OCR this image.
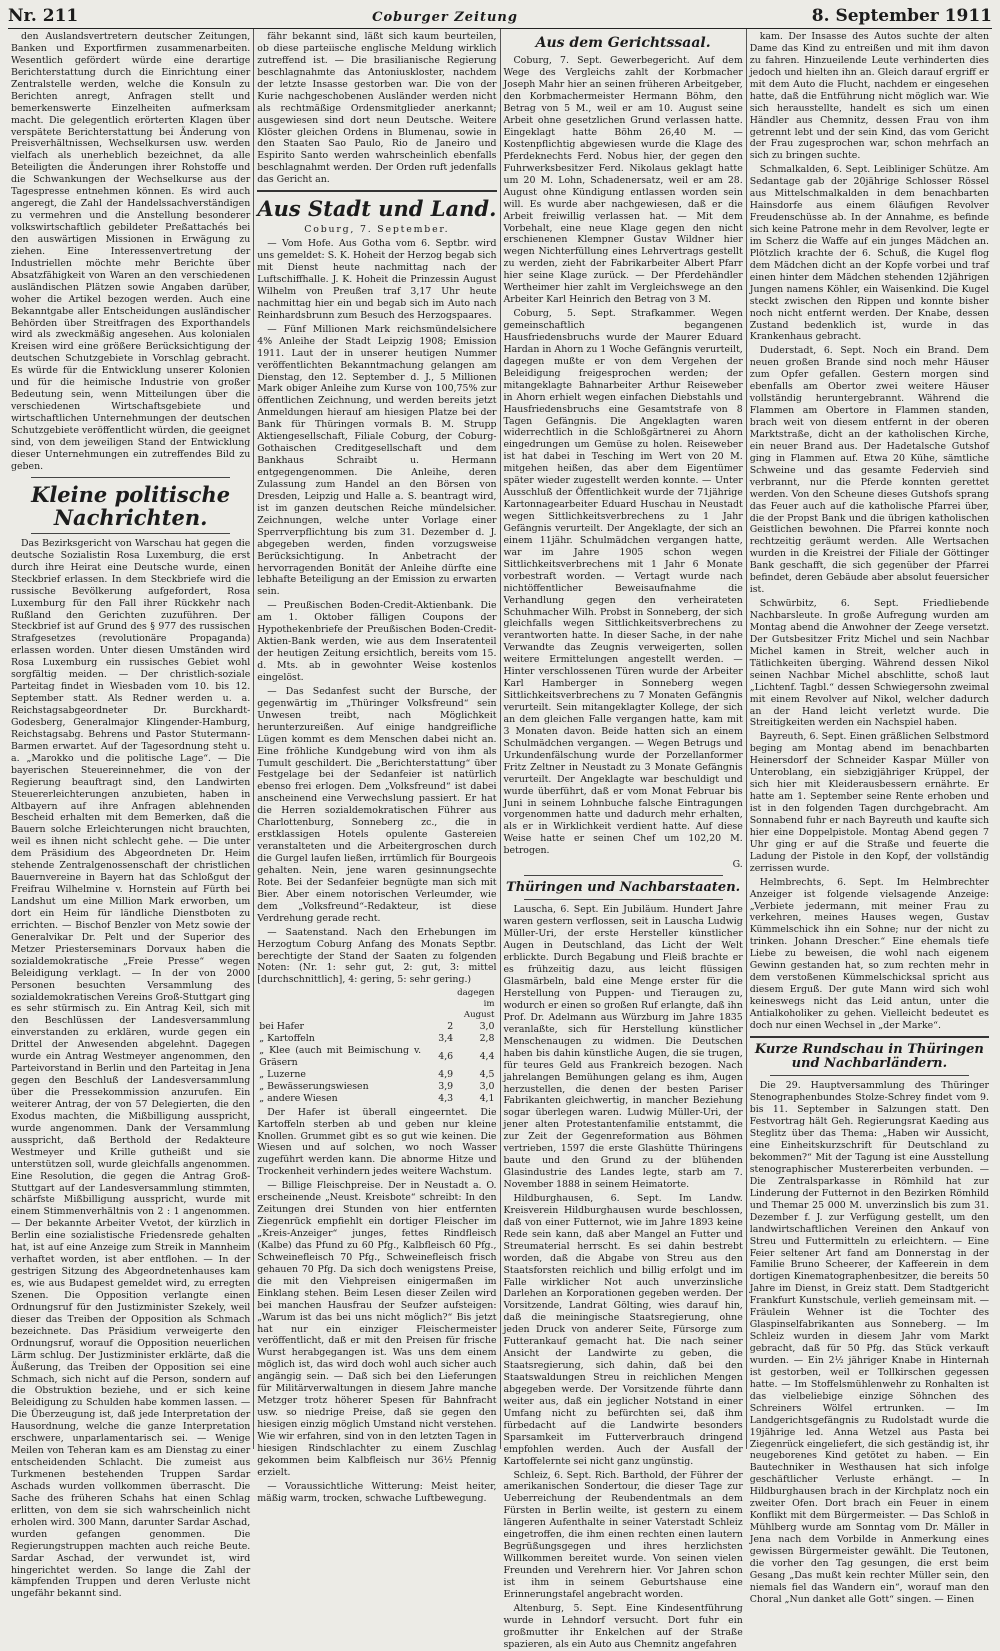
Nr. 211	Coburger Zeitung	8. September 1911

den Auslandsvertretern deutscher Zeitungen, Banken und Exportfirmen zusammenarbeiten. Wesentlich gefördert würde eine derartige Berichterstattung durch die Einrichtung einer Zentralstelle werden, welche die Konsuln zu Berichten anregt, Anfragen stellt und bemerkenswerte Einzelheiten aufmerksam macht. Die gelegentlich erörterten Klagen über verspätete Berichterstattung bei Änderung von Preisverhältnissen, Wechselkursen usw. werden vielfach als unerheblich bezeichnet, da alle Beteiligten die Änderungen ihrer Rohstoffe und die Schwankungen der Wechselkurse aus der Tagespresse entnehmen können. Es wird auch angeregt, die Zahl der Handelssachverständigen zu vermehren und die Anstellung besonderer volkswirtschaftlich gebildeter Preßattachés bei den auswärtigen Missionen in Erwägung zu ziehen. Eine Interessenvertretung der Industriellen möchte mehr Berichte über Absatzfähigkeit von Waren an den verschiedenen ausländischen Plätzen sowie Angaben darüber, woher die Artikel bezogen werden. Auch eine Bekanntgabe aller Entscheidungen ausländischer Behörden über Streitfragen des Exporthandels wird als zweckmäßig angesehen. Aus kolonialen Kreisen wird eine größere Berücksichtigung der deutschen Schutzgebiete in Vorschlag gebracht. Es würde für die Entwicklung unserer Kolonien und für die heimische Industrie von großer Bedeutung sein, wenn Mitteilungen über die verschiedenen Wirtschaftsgebiete und wirtschaftlichen Unternehmungen der deutschen Schutzgebiete veröffentlicht würden, die geeignet sind, von dem jeweiligen Stand der Entwicklung dieser Unternehmungen ein zutreffendes Bild zu geben.

Kleine politische Nachrichten.

Das Bezirksgericht von Warschau hat gegen die deutsche Sozialistin Rosa Luxemburg, die erst durch ihre Heirat eine Deutsche wurde, einen Steckbrief erlassen. In dem Steckbriefe wird die russische Bevölkerung aufgefordert, Rosa Luxemburg für den Fall ihrer Rückkehr nach Rußland den Gerichten zuzuführen. Der Steckbrief ist auf Grund des § 977 des russischen Strafgesetzes (revolutionäre Propaganda) erlassen worden. Unter diesen Umständen wird Rosa Luxemburg ein russisches Gebiet wohl sorgfältig meiden. — Der christlich-soziale Parteitag findet in Wiesbaden vom 10. bis 12. September statt. Als Redner werden u. a. Reichstagsabgeordneter Dr. Burckhardt-Godesberg, Generalmajor Klingender-Hamburg, Reichstagsabg. Behrens und Pastor Stutermann-Barmen erwartet. Auf der Tagesordnung steht u. a. „Marokko und die politische Lage“. — Die bayerischen Steuereinnehmer, die von der Regierung beauftragt sind, den Landwirten Steuererleichterungen anzubieten, haben in Altbayern auf ihre Anfragen ablehnenden Bescheid erhalten mit dem Bemerken, daß die Bauern solche Erleichterungen nicht brauchten, weil es ihnen nicht schlecht gehe. — Die unter dem Präsidium des Abgeordneten Dr. Heim stehende Zentralgenossenschaft der christlichen Bauernvereine in Bayern hat das Schloßgut der Freifrau Wilhelmine v. Hornstein auf Fürth bei Landshut um eine Million Mark erworben, um dort ein Heim für ländliche Dienstboten zu errichten. — Bischof Benzler von Metz sowie der Generalvikar Dr. Pelt und der Superior des Metzer Priesterseminars Dorvaux haben die sozialdemokratische „Freie Presse“ wegen Beleidigung verklagt. — In der von 2000 Personen besuchten Versammlung des sozialdemokratischen Vereins Groß-Stuttgart ging es sehr stürmisch zu. Ein Antrag Keil, sich mit den Beschlüssen der Landesversammlung einverstanden zu erklären, wurde gegen ein Drittel der Anwesenden abgelehnt. Dagegen wurde ein Antrag Westmeyer angenommen, den Parteivorstand in Berlin und den Parteitag in Jena gegen den Beschluß der Landesversammlung über die Pressekommission anzurufen. Ein weiterer Antrag, der von 57 Delegierten, die den Exodus machten, die Mißbilligung ausspricht, wurde angenommen. Dank der Versammlung ausspricht, daß Berthold der Redakteure Westmeyer und Krille gutheißt und sie unterstützen soll, wurde gleichfalls angenommen. Eine Resolution, die gegen die Antrag Groß-Stuttgart auf der Landesversammlung stimmten, schärfste Mißbilligung ausspricht, wurde mit einem Stimmenverhältnis von 2 : 1 angenommen. — Der bekannte Arbeiter Vvetot, der kürzlich in Berlin eine sozialistische Friedensrede gehalten hat, ist auf eine Anzeige zum Streik in Mannheim verhaftet worden, ist aber entflohen. — In der gestrigen Sitzung des Abgeordnetenhauses kam es, wie aus Budapest gemeldet wird, zu erregten Szenen. Die Opposition verlangte einen Ordnungsruf für den Justizminister Szekely, weil dieser das Treiben der Opposition als Schmach bezeichnete. Das Präsidium verweigerte den Ordnungsruf, worauf die Opposition neuerlichen Lärm schlug. Der Justizminister erklärte, daß die Äußerung, das Treiben der Opposition sei eine Schmach, sich nicht auf die Person, sondern auf die Obstruktion beziehe, und er sich keine Beleidigung zu Schulden habe kommen lassen. — Die Überzeugung ist, daß jede Interpretation der Hausordnung, welche die ganze Interpretation erschwere, unparlamentarisch sei. — Wenige Meilen von Teheran kam es am Dienstag zu einer entscheidenden Schlacht. Die zumeist aus Turkmenen bestehenden Truppen Sardar Aschads wurden vollkommen überrascht. Die Sache des früheren Schahs hat einen Schlag erlitten, von dem sie sich wahrscheinlich nicht erholen wird. 300 Mann, darunter Sardar Aschad, wurden gefangen genommen. Die Regierungstruppen machten auch reiche Beute. Sardar Aschad, der verwundet ist, wird hingerichtet werden. So lange die Zahl der kämpfenden Truppen und deren Verluste nicht ungefähr bekannt sind.

fähr bekannt sind, läßt sich kaum beurteilen, ob diese parteiische englische Meldung wirklich zutreffend ist. — Die brasilianische Regierung beschlagnahmte das Antoniuskloster, nachdem der letzte Insasse gestorben war. Die von der Kurie nachgeschobenen Ausländer werden nicht als rechtmäßige Ordensmitglieder anerkannt; ausgewiesen sind dort neun Deutsche. Weitere Klöster gleichen Ordens in Blumenau, sowie in den Staaten Sao Paulo, Rio de Janeiro und Espirito Santo werden wahrscheinlich ebenfalls beschlagnahmt werden. Der Orden ruft jedenfalls das Gericht an.

Aus Stadt und Land.
Coburg, 7. September.

— Vom Hofe. Aus Gotha vom 6. Septbr. wird uns gemeldet: S. K. Hoheit der Herzog begab sich mit Dienst heute nachmittag nach der Luftschiffhalle. J. K. Hoheit die Prinzessin August Wilhelm von Preußen traf 3,17 Uhr heute nachmittag hier ein und begab sich im Auto nach Reinhardsbrunn zum Besuch des Herzogspaares.

— Fünf Millionen Mark reichsmündelsichere 4% Anleihe der Stadt Leipzig 1908; Emission 1911. Laut der in unserer heutigen Nummer veröffentlichten Bekanntmachung gelangen am Dienstag, den 12. September d. J., 5 Millionen Mark obiger Anleihe zum Kurse von 100,75% zur öffentlichen Zeichnung, und werden bereits jetzt Anmeldungen hierauf am hiesigen Platze bei der Bank für Thüringen vormals B. M. Strupp Aktiengesellschaft, Filiale Coburg, der Coburg-Gothaischen Creditgesellschaft und dem Bankhaus Schraibt u. Hermann entgegengenommen. Die Anleihe, deren Zulassung zum Handel an den Börsen von Dresden, Leipzig und Halle a. S. beantragt wird, ist im ganzen deutschen Reiche mündelsicher. Zeichnungen, welche unter Vorlage einer Sperrverpflichtung bis zum 31. Dezember d. J. abgegeben werden, finden vorzugsweise Berücksichtigung. In Anbetracht der hervorragenden Bonität der Anleihe dürfte eine lebhafte Beteiligung an der Emission zu erwarten sein.

— Preußischen Boden-Credit-Aktienbank. Die am 1. Oktober fälligen Coupons der Hypothekenbriefe der Preußischen Boden-Credit-Aktien-Bank werden, wie aus dem Inseratenteil der heutigen Zeitung ersichtlich, bereits vom 15. d. Mts. ab in gewohnter Weise kostenlos eingelöst.

— Das Sedanfest sucht der Bursche, der gegenwärtig im „Thüringer Volksfreund“ sein Unwesen treibt, nach Möglichkeit herunterzureißen. Auf einige handgreifliche Lügen kommt es dem Menschen dabei nicht an. Eine fröhliche Kundgebung wird von ihm als Tumult geschildert. Die „Berichterstattung“ über Festgelage bei der Sedanfeier ist natürlich ebenso frei erlogen. Dem „Volksfreund“ ist dabei anscheinend eine Verwechslung passiert. Er hat die Herren sozialdemokratischen Führer aus Charlottenburg, Sonneberg zc., die in erstklassigen Hotels opulente Gastereien veranstalteten und die Arbeitergroschen durch die Gurgel laufen ließen, irrtümlich für Bourgeois gehalten. Nein, jene waren gesinnungsechte Rote. Bei der Sedanfeier begnügte man sich mit Bier. Aber einem notorischen Verleumder, wie dem „Volksfreund“-Redakteur, ist diese Verdrehung gerade recht.

— Saatenstand. Nach den Erhebungen im Herzogtum Coburg Anfang des Monats Septbr. berechtigte der Stand der Saaten zu folgenden Noten: (Nr. 1: sehr gut, 2: gut, 3: mittel [durchschnittlich], 4: gering, 5: sehr gering.)

		dagegen im
		August
bei Hafer	2	3,0
„ Kartoffeln	3,4	2,8
„ Klee (auch mit Beimischung v. Gräsern	4,6	4,4
„ Luzerne	4,9	4,5
„ Bewässerungswiesen	3,9	3,0
„ andere Wiesen	4,3	4,1

Der Hafer ist überall eingeerntet. Die Kartoffeln sterben ab und geben nur kleine Knollen. Grummet gibt es so gut wie keinen. Die Wiesen und auf solchen, wo noch Wasser zugeführt werden kann. Die abnorme Hitze und Trockenheit verhindern jedes weitere Wachstum.

— Billige Fleischpreise. Der in Neustadt a. O. erscheinende „Neust. Kreisbote“ schreibt: In den Zeitungen drei Stunden von hier entfernten Ziegenrück empfiehlt ein dortiger Fleischer im „Kreis-Anzeiger“ junges, fettes Rindfleisch (Kalbe) das Pfund zu 60 Pfg., Kalbfleisch 60 Pfg., Schweinefleisch 70 Pfg., Schweinefleisch frisch gehauen 70 Pfg. Da sich doch wenigstens Preise, die mit den Viehpreisen einigermaßen im Einklang stehen. Beim Lesen dieser Zeilen wird bei manchen Hausfrau der Seufzer aufsteigen: „Warum ist das bei uns nicht möglich?“ Bis jetzt hat nur ein einziger Fleischermeister veröffentlicht, daß er mit den Preisen für frische Wurst herabgegangen ist. Was uns dem einem möglich ist, das wird doch wohl auch sicher auch angängig sein. — Daß sich bei den Lieferungen für Militärverwaltungen in diesem Jahre manche Metzger trotz höherer Spesen für Bahnfracht usw. so niedrige Preise, daß sie gegen den hiesigen einzig möglich Umstand nicht verstehen. Wie wir erfahren, sind von in den letzten Tagen in hiesigen Rindschlachter zu einem Zuschlag gekommen beim Kalbfleisch nur 36½ Pfennig erzielt.

— Voraussichtliche Witterung: Meist heiter, mäßig warm, trocken, schwache Luftbewegung.

Aus dem Gerichtssaal.

Coburg, 7. Sept. Gewerbegericht. Auf dem Wege des Vergleichs zahlt der Korbmacher Joseph Mahr hier an seinen früheren Arbeitgeber, den Korbmachermeister Hermann Böhm, den Betrag von 5 M., weil er am 10. August seine Arbeit ohne gesetzlichen Grund verlassen hatte. Eingeklagt hatte Böhm 26,40 M. — Kostenpflichtig abgewiesen wurde die Klage des Pferdeknechts Ferd. Nobus hier, der gegen den Fuhrwerksbesitzer Ferd. Nikolaus geklagt hatte um 20 M. Lohn, Schadenersatz, weil er am 28. August ohne Kündigung entlassen worden sein will. Es wurde aber nachgewiesen, daß er die Arbeit freiwillig verlassen hat. — Mit dem Vorbehalt, eine neue Klage gegen den nicht erschienenen Klempner Gustav Wildner hier wegen Nichterfüllung eines Lehrvertrags gestellt zu werden, zieht der Fabrikarbeiter Albert Pfarr hier seine Klage zurück. — Der Pferdehändler Wertheimer hier zahlt im Vergleichswege an den Arbeiter Karl Heinrich den Betrag von 3 M.

Coburg, 5. Sept. Strafkammer. Wegen gemeinschaftlich begangenen Hausfriedensbruchs wurde der Maurer Eduard Hardan in Ahorn zu 1 Woche Gefängnis verurteilt, dagegen mußte er von dem Vergehen der Beleidigung freigesprochen werden; der mitangeklagte Bahnarbeiter Arthur Reiseweber in Ahorn erhielt wegen einfachen Diebstahls und Hausfriedensbruchs eine Gesamtstrafe von 8 Tagen Gefängnis. Die Angeklagten waren widerrechtlich in die Schloßgärtnerei zu Ahorn eingedrungen um Gemüse zu holen. Reiseweber ist hat dabei in Tesching im Wert von 20 M. mitgehen heißen, das aber dem Eigentümer später wieder zugestellt werden konnte. — Unter Ausschluß der Öffentlichkeit wurde der 71jährige Kartonnagearbeiter Eduard Huschau in Neustadt wegen Sittlichkeitsverbrechens zu 1 Jahr Gefängnis verurteilt. Der Angeklagte, der sich an einem 11jähr. Schulmädchen vergangen hatte, war im Jahre 1905 schon wegen Sittlichkeitsverbrechens mit 1 Jahr 6 Monate vorbestraft worden. — Vertagt wurde nach nichtöffentlicher Beweisaufnahme die Verhandlung gegen den verheirateten Schuhmacher Wilh. Probst in Sonneberg, der sich gleichfalls wegen Sittlichkeitsverbrechens zu verantworten hatte. In dieser Sache, in der nahe Verwandte das Zeugnis verweigerten, sollen weitere Ermittelungen angestellt werden. — Hinter verschlossenen Türen wurde der Arbeiter Karl Hamberger in Sonneberg wegen Sittlichkeitsverbrechens zu 7 Monaten Gefängnis verurteilt. Sein mitangeklagter Kollege, der sich an dem gleichen Falle vergangen hatte, kam mit 3 Monaten davon. Beide hatten sich an einem Schulmädchen vergangen. — Wegen Betrugs und Urkundenfälschung wurde der Porzellanformer Fritz Zeltner in Neustadt zu 3 Monate Gefängnis verurteilt. Der Angeklagte war beschuldigt und wurde überführt, daß er vom Monat Februar bis Juni in seinem Lohnbuche falsche Eintragungen vorgenommen hatte und dadurch mehr erhalten, als er in Wirklichkeit verdient hatte. Auf diese Weise hatte er seinen Chef um 102,20 M. betrogen.

G.
Thüringen und Nachbarstaaten.

Lauscha, 6. Sept. Ein Jubiläum. Hundert Jahre waren gestern verflossen, seit in Lauscha Ludwig Müller-Uri, der erste Hersteller künstlicher Augen in Deutschland, das Licht der Welt erblickte. Durch Begabung und Fleiß brachte er es frühzeitig dazu, aus leicht flüssigen Glasmärbeln, bald eine Menge erster für die Herstellung von Puppen- und Tieraugen zu, wodurch er einen so großen Ruf erlangte, daß ihn Prof. Dr. Adelmann aus Würzburg im Jahre 1835 veranlaßte, sich für Herstellung künstlicher Menschenaugen zu widmen. Die Deutschen haben bis dahin künstliche Augen, die sie trugen, für teures Geld aus Frankreich bezogen. Nach jahrelangen Bemühungen gelang es ihm, Augen herzustellen, die denen der besten Pariser Fabrikanten gleichwertig, in mancher Beziehung sogar überlegen waren. Ludwig Müller-Uri, der jener alten Protestantenfamilie entstammt, die zur Zeit der Gegenreformation aus Böhmen vertrieben, 1597 die erste Glashütte Thüringens baute und den Grund zu der blühenden Glasindustrie des Landes legte, starb am 7. November 1888 in seinem Heimatorte.

Hildburghausen, 6. Sept. Im Landw. Kreisverein Hildburghausen wurde beschlossen, daß von einer Futternot, wie im Jahre 1893 keine Rede sein kann, daß aber Mangel an Futter und Streumaterial herrscht. Es sei dahin bestrebt worden, daß die Abgabe von Streu aus den Staatsforsten reichlich und billig erfolgt und im Falle wirklicher Not auch unverzinsliche Darlehen an Korporationen gegeben werden. Der Vorsitzende, Landrat Gölting, wies darauf hin, daß die meiningische Staatsregierung, ohne jeden Druck von anderer Seite, Fürsorge zum Futterankauf gemacht hat. Die nach seiner Ansicht der Landwirte zu geben, die Staatsregierung, sich dahin, daß bei den Staatswaldungen Streu in reichlichen Mengen abgegeben werde. Der Vorsitzende führte dann weiter aus, daß ein jeglicher Notstand in einer Umfang nicht zu befürchten sei, daß ihm fürbedacht auf die Landwirte besonders Sparsamkeit im Futterverbrauch dringend empfohlen werden. Auch der Ausfall der Kartoffelernte sei nicht ganz ungünstig.

Schleiz, 6. Sept. Rich. Barthold, der Führer der amerikanischen Sondertour, die dieser Tage zur Ueberreichung der Reubendentmals an dem Fürsten in Berlin weilte, ist gestern zu einem längeren Aufenthalte in seiner Vaterstadt Schleiz eingetroffen, die ihm einen rechten einen lautern Begrüßungsgegen und ihres herzlichsten Willkommen bereitet wurde. Von seinen vielen Freunden und Verehrern hier. Vor Jahren schon ist ihm in seinem Geburtshause eine Erinnerungstafel angebracht worden.

Altenburg, 5. Sept. Eine Kindesentführung wurde in Lehndorf versucht. Dort fuhr ein großmutter ihr Enkelchen auf der Straße spazieren, als ein Auto aus Chemnitz angefahren

kam. Der Insasse des Autos suchte der alten Dame das Kind zu entreißen und mit ihm davon zu fahren. Hinzueilende Leute verhinderten dies jedoch und hielten ihn an. Gleich darauf ergriff er mit dem Auto die Flucht, nachdem er eingesehen hatte, daß die Entführung nicht möglich war. Wie sich herausstellte, handelt es sich um einen Händler aus Chemnitz, dessen Frau von ihm getrennt lebt und der sein Kind, das vom Gericht der Frau zugesprochen war, schon mehrfach an sich zu bringen suchte.

Schmalkalden, 6. Sept. Leibliniger Schütze. Am Sedantage gab der 20jährige Schlosser Rössel aus Mittelschmalkalden in dem benachbarten Hainsdorfe aus einem 6läufigen Revolver Freudenschüsse ab. In der Annahme, es befinde sich keine Patrone mehr in dem Revolver, legte er im Scherz die Waffe auf ein junges Mädchen an. Plötzlich krachte der 6. Schuß, die Kugel flog dem Mädchen dicht an der Kopfe vorbei und traf einen hinter dem Mädchen stehenden 12jährigen Jungen namens Köhler, ein Waisenkind. Die Kugel steckt zwischen den Rippen und konnte bisher noch nicht entfernt werden. Der Knabe, dessen Zustand bedenklich ist, wurde in das Krankenhaus gebracht.

Duderstadt, 6. Sept. Noch ein Brand. Dem neuen großen Brande sind noch mehr Häuser zum Opfer gefallen. Gestern morgen sind ebenfalls am Obertor zwei weitere Häuser vollständig heruntergebrannt. Während die Flammen am Obertore in Flammen standen, brach weit von diesem entfernt in der oberen Marktstraße, dicht an der katholischen Kirche, ein neuer Brand aus. Der Hadetalsche Gutshof ging in Flammen auf. Etwa 20 Kühe, sämtliche Schweine und das gesamte Federvieh sind verbrannt, nur die Pferde konnten gerettet werden. Von den Scheune dieses Gutshofs sprang das Feuer auch auf die katholische Pfarrei über, die der Propst Bank und die übrigen katholischen Geistlichen bewohnen. Die Pfarrei konnte noch rechtzeitig geräumt werden. Alle Wertsachen wurden in die Kreistrei der Filiale der Göttinger Bank geschafft, die sich gegenüber der Pfarrei befindet, deren Gebäude aber absolut feuersicher ist.

Schwürbitz, 6. Sept. Friedliebende Nachbarsleute. In große Aufregung wurden am Montag abend die Anwohner der Zeege versetzt. Der Gutsbesitzer Fritz Michel und sein Nachbar Michel kamen in Streit, welcher auch in Tätlichkeiten überging. Während dessen Nikol seinen Nachbar Michel abschlitte, schoß laut „Lichtenf. Tagbl.“ dessen Schwiegersohn zweimal mit einem Revolver auf Nikol, welcher dadurch an der Hand leicht verletzt wurde. Die Streitigkeiten werden ein Nachspiel haben.

Bayreuth, 6. Sept. Einen gräßlichen Selbstmord beging am Montag abend im benachbarten Heinersdorf der Schneider Kaspar Müller von Unteroblang, ein siebzigjähriger Krüppel, der sich hier mit Kleiderausbessern ernährte. Er hatte am 1. September seine Rente erhoben und ist in den folgenden Tagen durchgebracht. Am Sonnabend fuhr er nach Bayreuth und kaufte sich hier eine Doppelpistole. Montag Abend gegen 7 Uhr ging er auf die Straße und feuerte die Ladung der Pistole in den Kopf, der vollständig zerrissen wurde.

Helmbrechts, 6. Sept. Im Helmbrechter Anzeiger ist folgende vielsagende Anzeige: „Verbiete jedermann, mit meiner Frau zu verkehren, meines Hauses wegen, Gustav Kümmelschick ihn ein Sohne; nur der nicht zu trinken. Johann Drescher.“ Eine ehemals tiefe Liebe zu beweisen, die wohl nach eigenem Gewinn gestanden hat, so zum rechten mehr in dem verstoßenen Kümmelschicksal spricht aus diesem Erguß. Der gute Mann wird sich wohl keineswegs nicht das Leid antun, unter die Antialkoholiker zu gehen. Vielleicht bedeutet es doch nur einen Wechsel in „der Marke“.

Kurze Rundschau in Thüringen und Nachbarländern.

Die 29. Hauptversammlung des Thüringer Stenographenbundes Stolze-Schrey findet vom 9. bis 11. September in Salzungen statt. Den Festvortrag hält Geh. Regierungsrat Kaeding aus Steglitz über das Thema: „Haben wir Aussicht, eine Einheitskurzschrift für Deutschland zu bekommen?“ Mit der Tagung ist eine Ausstellung stenographischer Mustererbeiten verbunden. — Die Zentralsparkasse in Römhild hat zur Linderung der Futternot in den Bezirken Römhild und Themar 25 000 M. unverzinslich bis zum 31. Dezember f. J. zur Verfügung gestellt, um den landwirtschaftlichen Vereinen den Ankauf von Streu und Futtermitteln zu erleichtern. — Eine Feier seltener Art fand am Donnerstag in der Familie Bruno Scheerer, der Kaffeerein in dem dortigen Kinematographenbesitzer, die bereits 50 Jahre im Dienst, in Greiz statt. Dem Stadtgericht Frankfurt Kunstschule, verlieh gemeinsam mit. — Fräulein Wehner ist die Tochter des Glaspinselfabrikanten aus Sonneberg. — Im Schleiz wurden in diesem Jahr vom Markt gebracht, daß für 50 Pfg. das Stück verkauft wurden. — Ein 2½ jähriger Knabe in Hinternah ist gestorben, weil er Tollkirschen gegessen hatte. — Im Stoffelsmühlenwehr zu Ronhalten ist das vielbeliebige einzige Söhnchen des Schreiners Wölfel ertrunken. — Im Landgerichtsgefängnis zu Rudolstadt wurde die 19jährige led. Anna Wetzel aus Pasta bei Ziegenrück eingeliefert, die sich geständig ist, ihr neugeborenes Kind getötet zu haben. — Ein Bautechniker in Westhausen hat sich infolge geschäftlicher Verluste erhängt. — In Hildburghausen brach in der Kirchplatz noch ein zweiter Ofen. Dort brach ein Feuer in einem Konflikt mit dem Bürgermeister. — Das Schloß in Mühlberg wurde am Sonntag vom Dr. Mäller in Jena nach dem Vorbilde in Anmerkung eines gewissen Bürgermeister gewählt. Die Teutonen, die vorher den Tag gesungen, die erst beim Gesang „Das mußt kein rechter Müller sein, den niemals fiel das Wandern ein“, worauf man den Choral „Nun danket alle Gott“ singen. — Einen
